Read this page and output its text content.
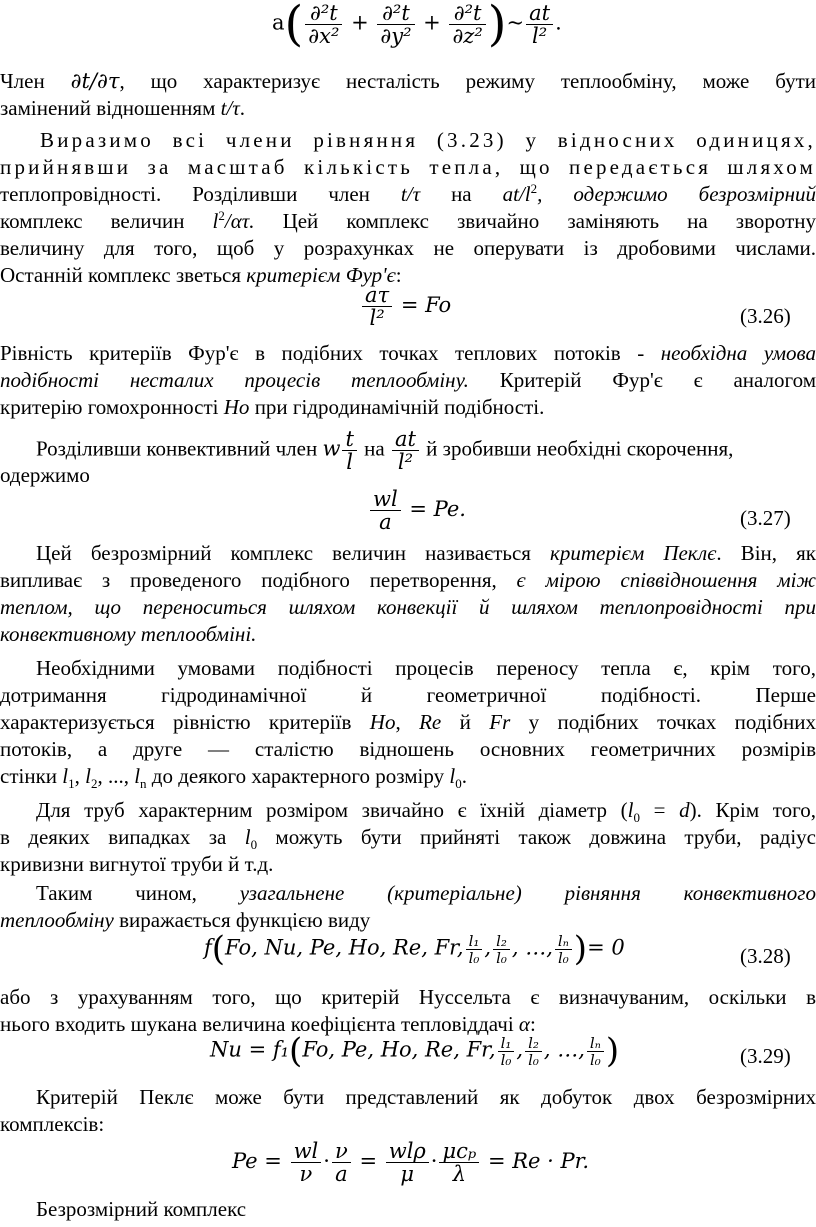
$a( \frac{\text{∂²t}}{\text{∂x²}} + \frac{\text{∂²t}}{\text{∂y²}} + \frac{\text{∂²t}}{\text{∂z²}}$ )~ $\frac{at}{\text{l²}}$ .
Член ∂t/∂τ, що характеризує несталість режиму теплообміну, може бути
замінений відношенням t/τ.
Виразимо всі члени рівняння (3.23) у відносних одиницях,
прийнявши за масштаб кількість тепла, що передається шляхом
теплопровідності. Розділивши член t/τ на $at/l^2$, одержимо безрозмірний
комплекс величин $l^2/\alpha\tau$. Цей комплекс звичайно заміняють на зворотну
величину для того, щоб у розрахунках не оперувати із дробовими числами.
Останній комплекс зветься критерієм Фур'є:
$\frac{a\tau}{\text{l²}} = Fo$	(3.26)
Рівність критеріїв Фур'є в подібних точках теплових потоків - необхідна умова
подібності несталих процесів теплообміну. Критерій Фур'є є аналогом
критерію гомохронності Ho при гідродинамічній подібності.
Розділивши конвективний член w $\frac{t}{l}$ на $\frac{at}{\text{l²}}$ й зробивши необхідні скорочення,
одержимо
$\frac{wl}{a} = Pe$.	(3.27)
Цей безрозмірний комплекс величин називається критерієм Пеклє. Він, як
випливає з проведеного подібного перетворення, є мірою співвідношення між
теплом, що переноситься шляхом конвекції й шляхом теплопровідності при
конвективному теплообміні.
Необхідними умовами подібності процесів переносу тепла є, крім того,
дотримання гідродинамічної й геометричної подібності. Перше
характеризується рівністю критеріїв Ho, Re й Fr у подібних точках подібних
потоків, а друге — сталістю відношень основних геометричних розмірів
стінки $l_1$, $l_2$, ..., $l_n$ до деякого характерного розміру $l_0$.
Для труб характерним розміром звичайно є їхній діаметр $(l_0 = d)$. Крім того,
в деяких випадках за $l_0$ можуть бути прийняті також довжина труби, радіус
кривизни вигнутої труби й т.д.
Таким чином, узагальнене (критеріальне) рівняння конвективного
теплообміну виражається функцією виду
f(Fo, Nu, Pe, Ho, Re, Fr, $\frac{\text{l₁}}{\text{l₀}}$ , $\frac{\text{l₂}}{\text{l₀}}$ , …, $\frac{\text{lₙ}}{\text{l₀}}$ )= 0	(3.28)
або з урахуванням того, що критерій Нуссельта є визначуваним, оскільки в
нього входить шукана величина коефіцієнта тепловіддачі α:
Nu = f₁(Fo, Pe, Ho, Re, Fr, $\frac{\text{l₁}}{\text{l₀}}$ , $\frac{\text{l₂}}{\text{l₀}}$ , …, $\frac{\text{lₙ}}{\text{l₀}}$ )	(3.29)
Критерій Пеклє може бути представлений як добуток двох безрозмірних
комплексів:
$Pe = \frac{wl}{\nu} \cdot \frac{\nu}{a} = \frac{\text{wlρ}}{\mu} \cdot \frac{\text{μcₚ}}{\lambda} = Re \cdot Pr$.
Безрозмірний комплекс
